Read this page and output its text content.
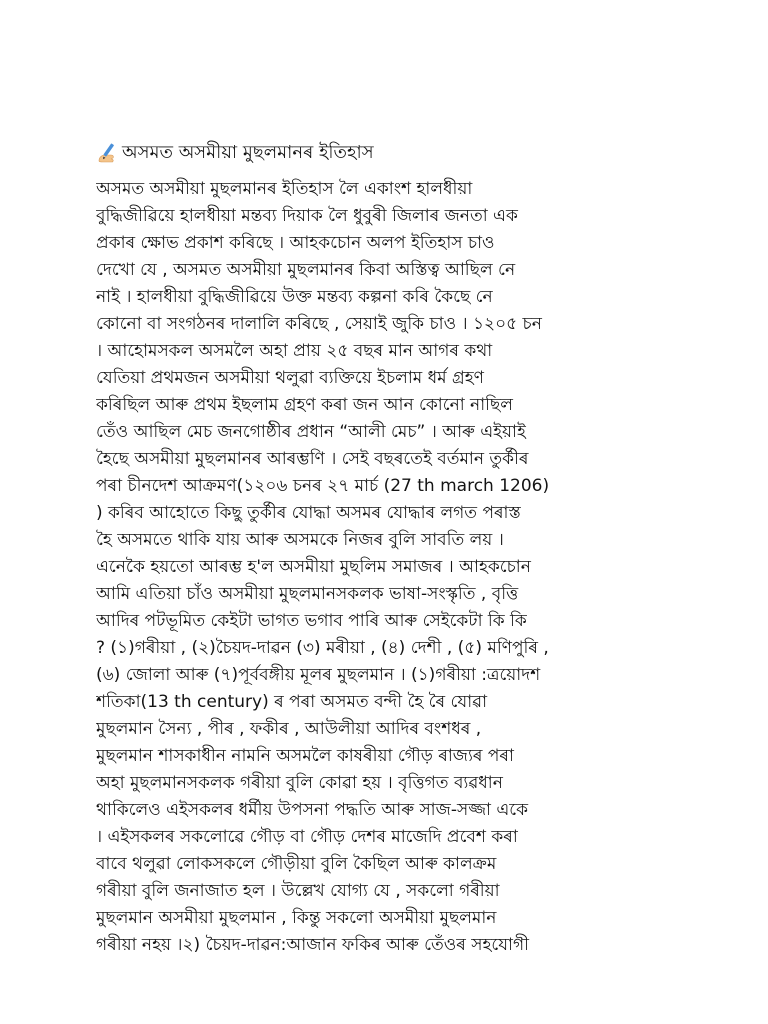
অসমত অসমীয়া মুছলমানৰ ইতিহাস
অসমত অসমীয়া মুছলমানৰ ইতিহাস লৈ একাংশ হালধীয়া
বুদ্ধিজীৱিয়ে হালধীয়া মন্তব্য দিয়াক লৈ ধুবুৰী জিলাৰ জনতা এক
প্ৰকাৰ ক্ষোভ প্ৰকাশ কৰিছে । আহকচোন অলপ ইতিহাস চাও
দেখো যে , অসমত অসমীয়া মুছলমানৰ কিবা অস্তিত্ব আছিল নে
নাই । হালধীয়া বুদ্ধিজীৱিয়ে উক্ত মন্তব্য কল্পনা কৰি কৈছে নে
কোনো বা সংগঠনৰ দালালি কৰিছে , সেয়াই জুকি চাও । ১২০৫ চন
। আহোমসকল অসমলৈ অহা প্ৰায় ২৫ বছৰ মান আগৰ কথা
যেতিয়া প্ৰথমজন অসমীয়া থলুৱা ব্যক্তিয়ে ইচলাম ধৰ্ম গ্ৰহণ
কৰিছিল আৰু প্ৰথম ইছলাম গ্ৰহণ কৰা জন আন কোনো নাছিল
তেঁও আছিল মেচ জনগোষ্ঠীৰ প্ৰধান “আলী মেচ” । আৰু এইয়াই
হৈছে অসমীয়া মুছলমানৰ আৰম্ভণি । সেই বছৰতেই বৰ্তমান তুৰ্কীৰ
পৰা চীনদেশ আক্ৰমণ(১২০৬ চনৰ ২৭ মাৰ্চ (27 th march 1206)
) কৰিব আহোতে কিছু তুৰ্কীৰ যোদ্ধা অসমৰ যোদ্ধাৰ লগত পৰাস্ত
হৈ অসমতে থাকি যায় আৰু অসমকে নিজৰ বুলি সাবতি লয় ।
এনেকৈ হয়তো আৰম্ভ হ'ল অসমীয়া মুছলিম সমাজৰ । আহকচোন
আমি এতিয়া চাঁও অসমীয়া মুছলমানসকলক ভাষা-সংস্কৃতি , বৃত্তি
আদিৰ পটভূমিত কেইটা ভাগত ভগাব পাৰি আৰু সেইকেটা কি কি
? (১)গৰীয়া , (২)চৈয়দ-দাৱন (৩) মৰীয়া , (৪) দেশী , (৫) মণিপুৰি ,
(৬) জোলা আৰু (৭)পূৰ্ববঙ্গীয় মূলৰ মুছলমান । (১)গৰীয়া :ত্ৰয়োদশ
শতিকা(13 th century) ৰ পৰা অসমত বন্দী হৈ ৰৈ যোৱা
মুছলমান সৈন্য , পীৰ , ফকীৰ , আউলীয়া আদিৰ বংশধৰ ,
মুছলমান শাসকাধীন নামনি অসমলৈ কাষৰীয়া গৌড় ৰাজ্যৰ পৰা
অহা মুছলমানসকলক গৰীয়া বুলি কোৱা হয় । বৃত্তিগত ব্যৱধান
থাকিলেও এইসকলৰ ধৰ্মীয় উপসনা পদ্ধতি আৰু সাজ-সজ্জা একে
। এইসকলৰ সকলোৱে গৌড় বা গৌড় দেশৰ মাজেদি প্ৰবেশ কৰা
বাবে থলুৱা লোকসকলে গৌড়ীয়া বুলি কৈছিল আৰু কালক্ৰম
গৰীয়া বুলি জনাজাত হল । উল্লেখ যোগ্য যে , সকলো গৰীয়া
মুছলমান অসমীয়া মুছলমান , কিন্তু সকলো অসমীয়া মুছলমান
গৰীয়া নহয় ।২) চৈয়দ-দাৱন:আজান ফকিৰ আৰু তেঁওৰ সহযোগী
